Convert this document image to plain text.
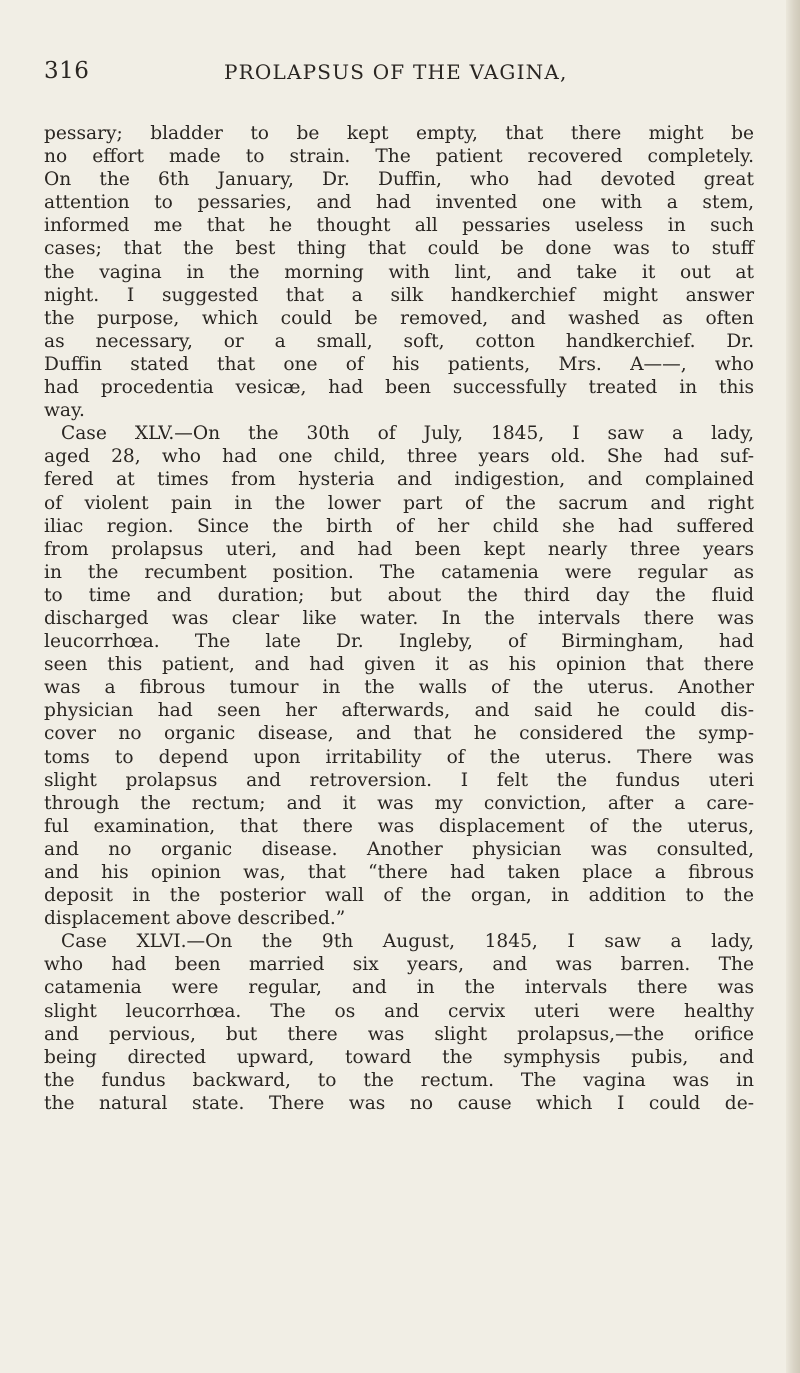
316	PROLAPSUS OF THE VAGINA,
pessary; bladder to be kept empty, that there might be
no effort made to strain. The patient recovered completely.
On the 6th January, Dr. Duffin, who had devoted great
attention to pessaries, and had invented one with a stem,
informed me that he thought all pessaries useless in such
cases; that the best thing that could be done was to stuff
the vagina in the morning with lint, and take it out at
night. I suggested that a silk handkerchief might answer
the purpose, which could be removed, and washed as often
as necessary, or a small, soft, cotton handkerchief. Dr.
Duffin stated that one of his patients, Mrs. A——, who
had procedentia vesicæ, had been successfully treated in this
way.
Case XLV.—On the 30th of July, 1845, I saw a lady,
aged 28, who had one child, three years old. She had suf-
fered at times from hysteria and indigestion, and complained
of violent pain in the lower part of the sacrum and right
iliac region. Since the birth of her child she had suffered
from prolapsus uteri, and had been kept nearly three years
in the recumbent position. The catamenia were regular as
to time and duration; but about the third day the fluid
discharged was clear like water. In the intervals there was
leucorrhœa. The late Dr. Ingleby, of Birmingham, had
seen this patient, and had given it as his opinion that there
was a fibrous tumour in the walls of the uterus. Another
physician had seen her afterwards, and said he could dis-
cover no organic disease, and that he considered the symp-
toms to depend upon irritability of the uterus. There was
slight prolapsus and retroversion. I felt the fundus uteri
through the rectum; and it was my conviction, after a care-
ful examination, that there was displacement of the uterus,
and no organic disease. Another physician was consulted,
and his opinion was, that “there had taken place a fibrous
deposit in the posterior wall of the organ, in addition to the
displacement above described.”
Case XLVI.—On the 9th August, 1845, I saw a lady,
who had been married six years, and was barren. The
catamenia were regular, and in the intervals there was
slight leucorrhœa. The os and cervix uteri were healthy
and pervious, but there was slight prolapsus,—the orifice
being directed upward, toward the symphysis pubis, and
the fundus backward, to the rectum. The vagina was in
the natural state. There was no cause which I could de-
